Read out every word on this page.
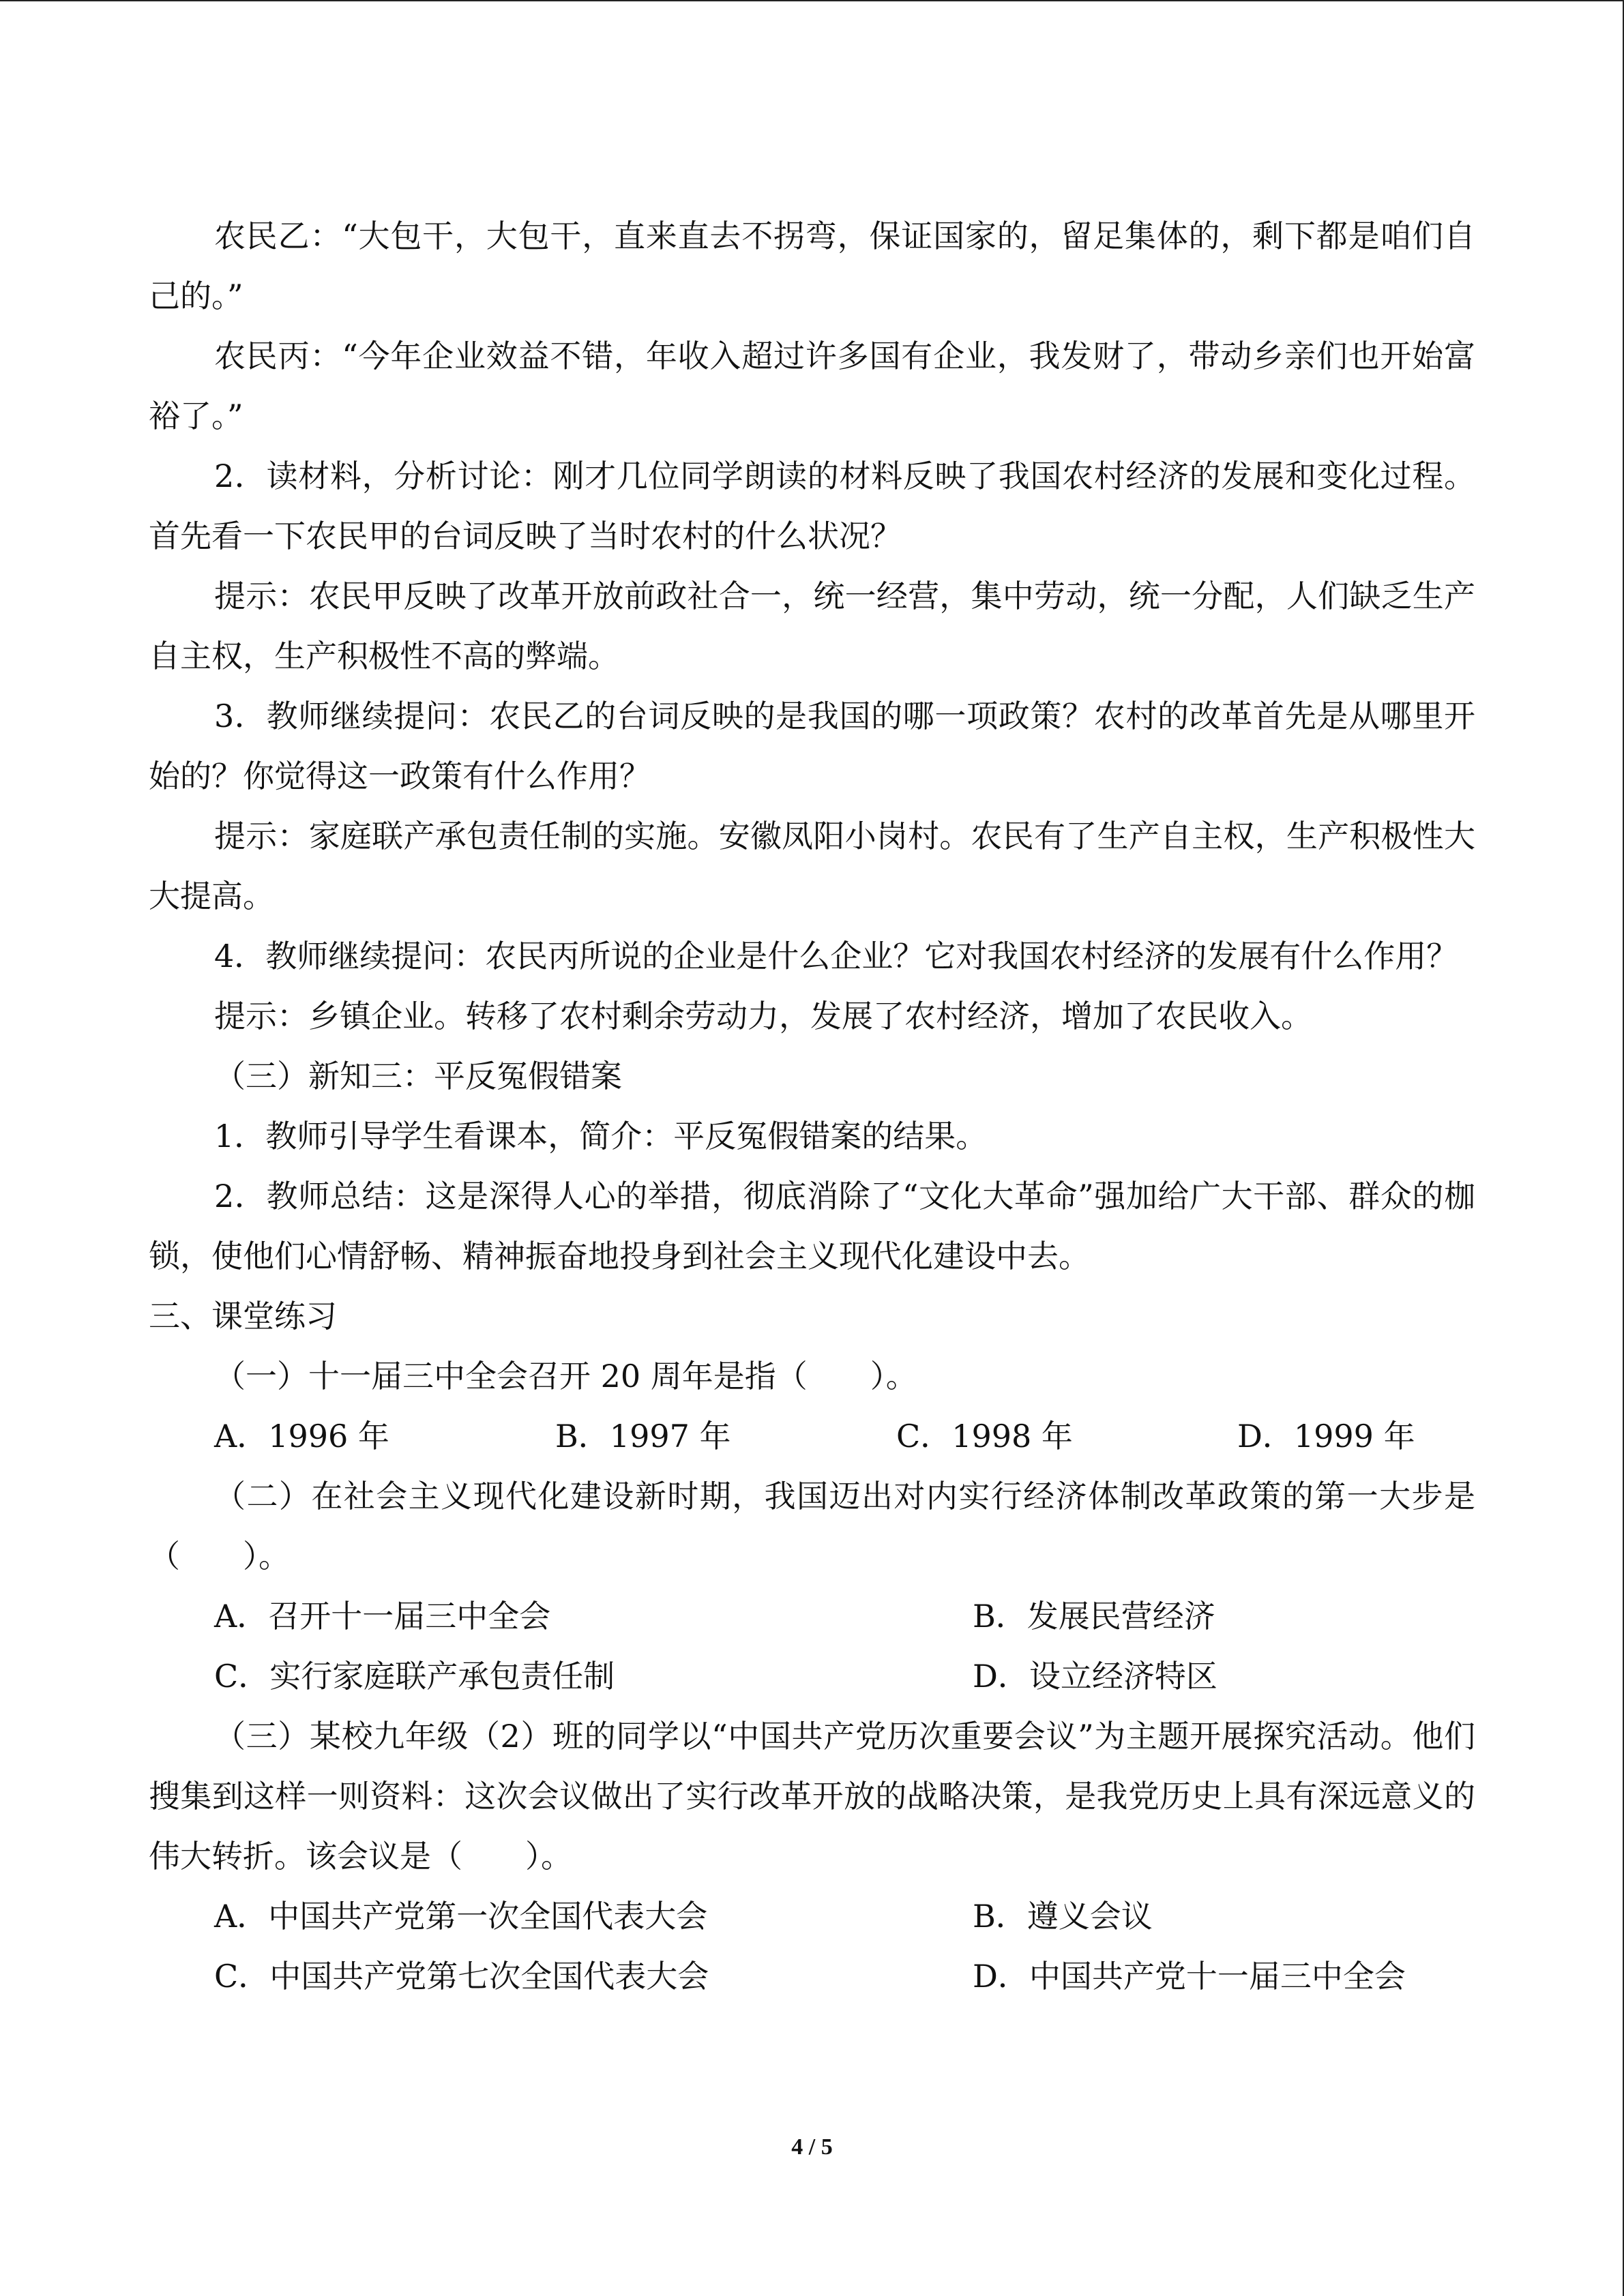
农民乙：“大包干，大包干，直来直去不拐弯，保证国家的，留足集体的，剩下都是咱们自己的。”

农民丙：“今年企业效益不错，年收入超过许多国有企业，我发财了，带动乡亲们也开始富裕了。”

2．读材料，分析讨论：刚才几位同学朗读的材料反映了我国农村经济的发展和变化过程。首先看一下农民甲的台词反映了当时农村的什么状况？

提示：农民甲反映了改革开放前政社合一，统一经营，集中劳动，统一分配，人们缺乏生产自主权，生产积极性不高的弊端。

3．教师继续提问：农民乙的台词反映的是我国的哪一项政策？农村的改革首先是从哪里开始的？你觉得这一政策有什么作用？

提示：家庭联产承包责任制的实施。安徽凤阳小岗村。农民有了生产自主权，生产积极性大大提高。

4．教师继续提问：农民丙所说的企业是什么企业？它对我国农村经济的发展有什么作用？

提示：乡镇企业。转移了农村剩余劳动力，发展了农村经济，增加了农民收入。

（三）新知三：平反冤假错案

1．教师引导学生看课本，简介：平反冤假错案的结果。

2．教师总结：这是深得人心的举措，彻底消除了“文化大革命”强加给广大干部、群众的枷锁，使他们心情舒畅、精神振奋地投身到社会主义现代化建设中去。

三、课堂练习

（一）十一届三中全会召开 20 周年是指（　　）。

A．1996 年	B．1997 年	C．1998 年	D．1999 年

（二）在社会主义现代化建设新时期，我国迈出对内实行经济体制改革政策的第一大步是（　　）。

A．召开十一届三中全会	B．发展民营经济
C．实行家庭联产承包责任制	D．设立经济特区

（三）某校九年级（2）班的同学以“中国共产党历次重要会议”为主题开展探究活动。他们搜集到这样一则资料：这次会议做出了实行改革开放的战略决策，是我党历史上具有深远意义的伟大转折。该会议是（　　）。

A．中国共产党第一次全国代表大会	B．遵义会议
C．中国共产党第七次全国代表大会	D．中国共产党十一届三中全会
4 / 5
